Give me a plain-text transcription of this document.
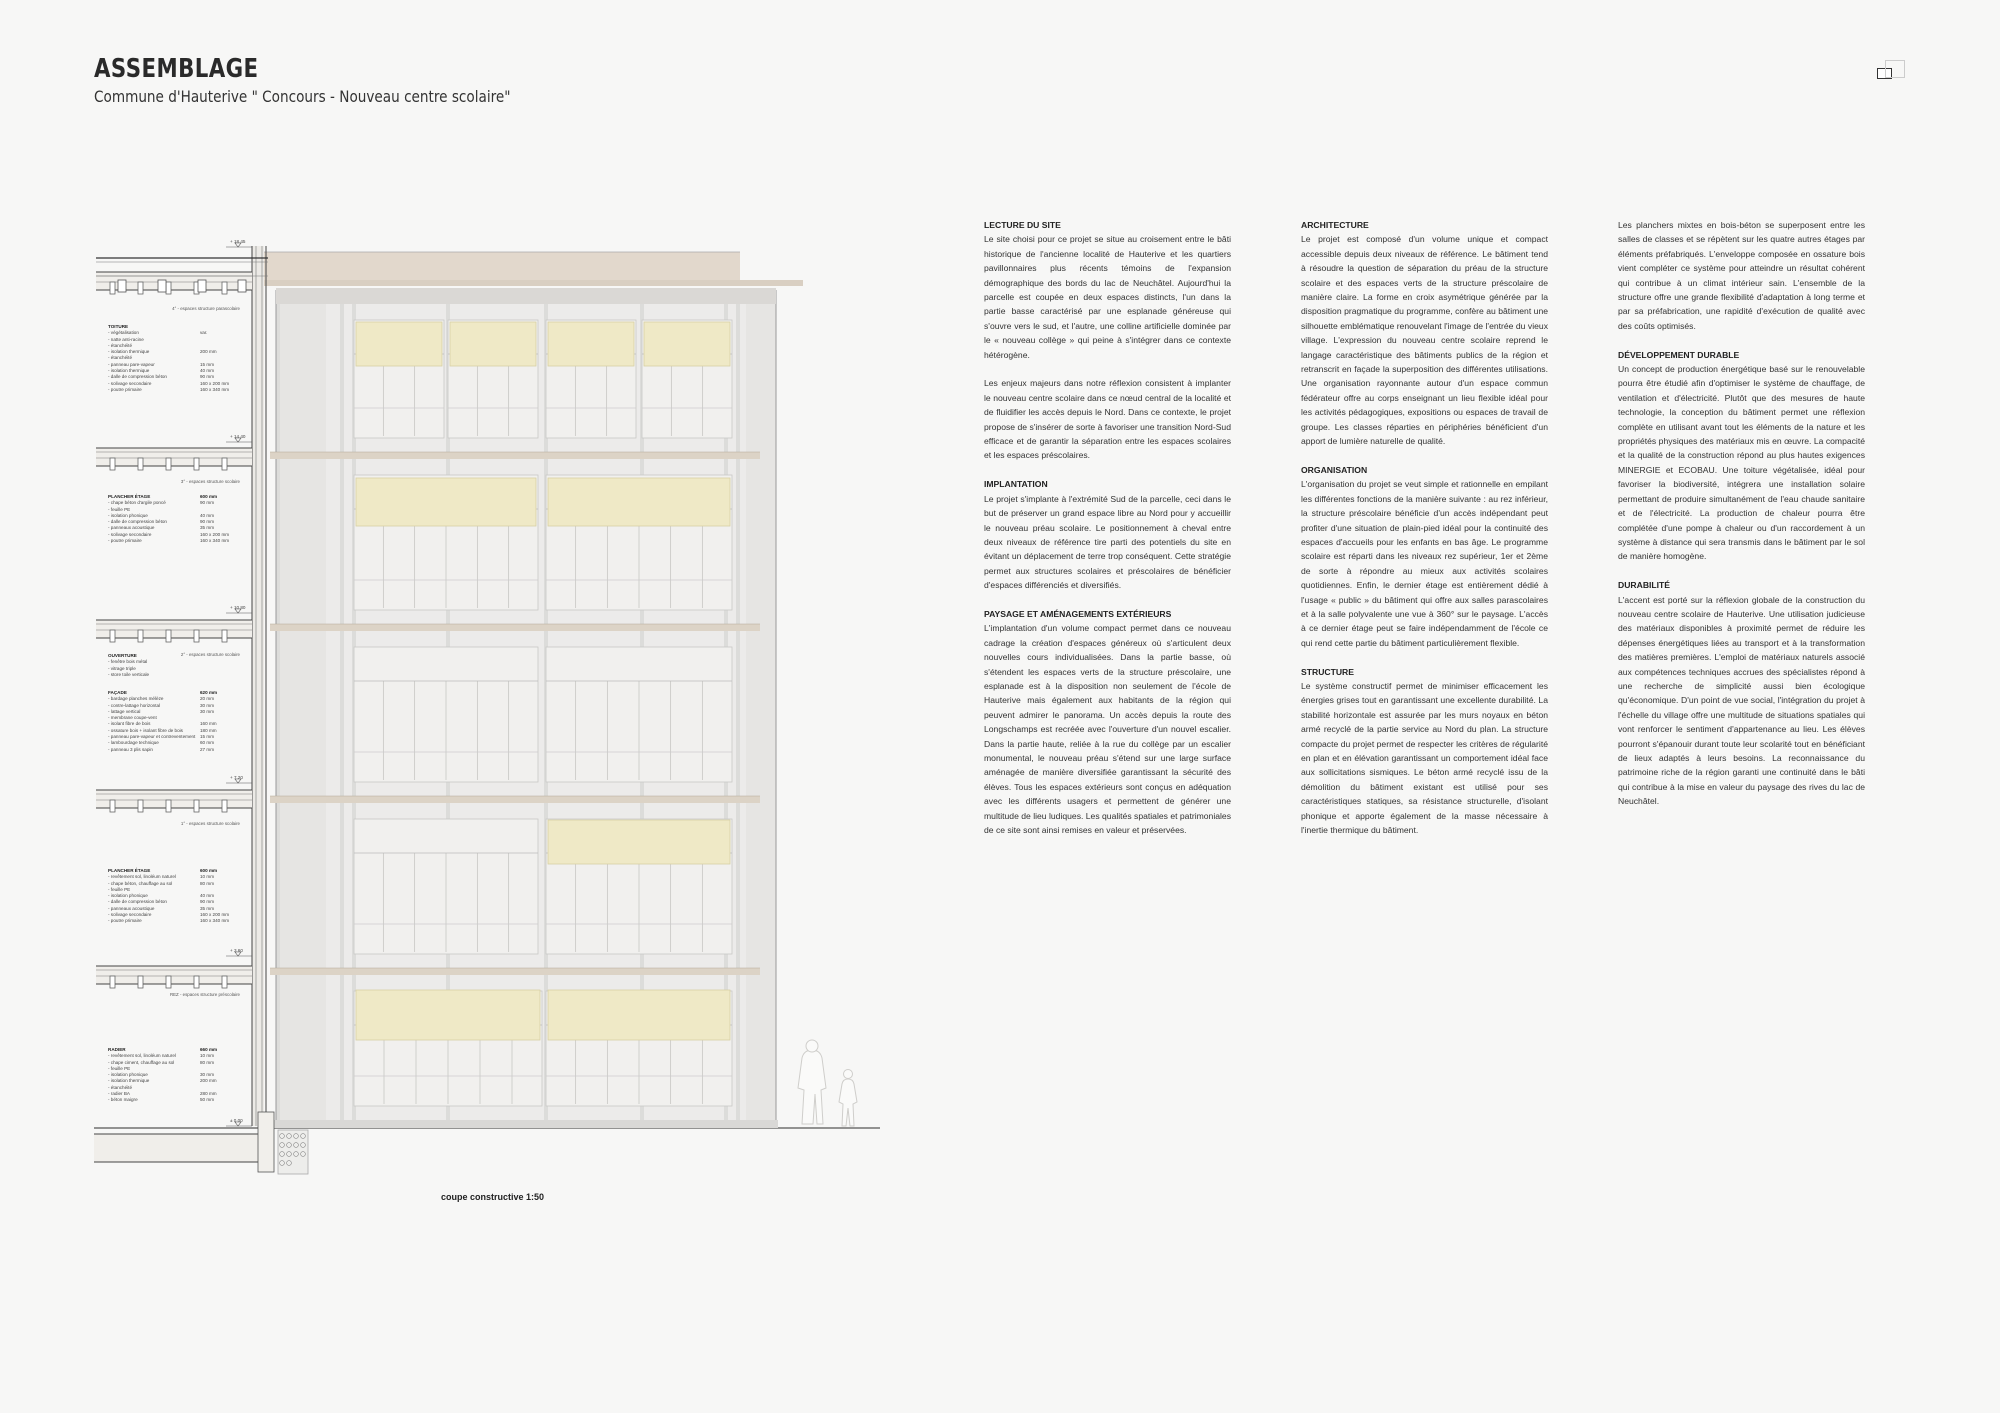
ASSEMBLAGE
Commune d'Hauterive " Concours - Nouveau centre scolaire"
+ 18.45
+ 14.40
+ 10.80
+ 7.20
+ 3.60
± 0.00
4° - espaces structure parascolaire
3° - espaces structure scolaire
2° - espaces structure scolaire
1° - espaces structure scolaire
REZ - espaces structure préscolaire
coupe constructive 1:50
LECTURE DU SITE

Le site choisi pour ce projet se situe au croisement entre le bâti historique de l'ancienne localité de Hauterive et les quartiers pavillonnaires plus récents témoins de l'expansion démographique des bords du lac de Neuchâtel. Aujourd'hui la parcelle est coupée en deux espaces distincts, l'un dans la partie basse caractérisé par une esplanade généreuse qui s'ouvre vers le sud, et l'autre, une colline artificielle dominée par le « nouveau collège » qui peine à s'intégrer dans ce contexte hétérogène.

Les enjeux majeurs dans notre réflexion consistent à implanter le nouveau centre scolaire dans ce nœud central de la localité et de fluidifier les accès depuis le Nord. Dans ce contexte, le projet propose de s'insérer de sorte à favoriser une transition Nord-Sud efficace et de garantir la séparation entre les espaces scolaires et les espaces préscolaires.

IMPLANTATION

Le projet s'implante à l'extrémité Sud de la parcelle, ceci dans le but de préserver un grand espace libre au Nord pour y accueillir le nouveau préau scolaire. Le positionnement à cheval entre deux niveaux de référence tire parti des potentiels du site en évitant un déplacement de terre trop conséquent. Cette stratégie permet aux structures scolaires et préscolaires de bénéficier d'espaces différenciés et diversifiés.

PAYSAGE ET AMÉNAGEMENTS EXTÉRIEURS

L'implantation d'un volume compact permet dans ce nouveau cadrage la création d'espaces généreux où s'articulent deux nouvelles cours individualisées. Dans la partie basse, où s'étendent les espaces verts de la structure préscolaire, une esplanade est à la disposition non seulement de l'école de Hauterive mais également aux habitants de la région qui peuvent admirer le panorama. Un accès depuis la route des Longschamps est recréée avec l'ouverture d'un nouvel escalier. Dans la partie haute, reliée à la rue du collège par un escalier monumental, le nouveau préau s'étend sur une large surface aménagée de manière diversifiée garantissant la sécurité des élèves. Tous les espaces extérieurs sont conçus en adéquation avec les différents usagers et permettent de générer une multitude de lieu ludiques. Les qualités spatiales et patrimoniales de ce site sont ainsi remises en valeur et préservées.

ARCHITECTURE

Le projet est composé d'un volume unique et compact accessible depuis deux niveaux de référence. Le bâtiment tend à résoudre la question de séparation du préau de la structure scolaire et des espaces verts de la structure préscolaire de manière claire. La forme en croix asymétrique générée par la disposition pragmatique du programme, confère au bâtiment une silhouette emblématique renouvelant l'image de l'entrée du vieux village. L'expression du nouveau centre scolaire reprend le langage caractéristique des bâtiments publics de la région et retranscrit en façade la superposition des différentes utilisations. Une organisation rayonnante autour d'un espace commun fédérateur offre au corps enseignant un lieu flexible idéal pour les activités pédagogiques, expositions ou espaces de travail de groupe. Les classes réparties en périphéries bénéficient d'un apport de lumière naturelle de qualité.

ORGANISATION

L'organisation du projet se veut simple et rationnelle en empilant les différentes fonctions de la manière suivante : au rez inférieur, la structure préscolaire bénéficie d'un accès indépendant peut profiter d'une situation de plain-pied idéal pour la continuité des espaces d'accueils pour les enfants en bas âge. Le programme scolaire est réparti dans les niveaux rez supérieur, 1er et 2ème de sorte à répondre au mieux aux activités scolaires quotidiennes. Enfin, le dernier étage est entièrement dédié à l'usage « public » du bâtiment qui offre aux salles parascolaires et à la salle polyvalente une vue à 360° sur le paysage. L'accès à ce dernier étage peut se faire indépendamment de l'école ce qui rend cette partie du bâtiment particulièrement flexible.

STRUCTURE

Le système constructif permet de minimiser efficacement les énergies grises tout en garantissant une excellente durabilité. La stabilité horizontale est assurée par les murs noyaux en béton armé recyclé de la partie service au Nord du plan. La structure compacte du projet permet de respecter les critères de régularité en plan et en élévation garantissant un comportement idéal face aux sollicitations sismiques. Le béton armé recyclé issu de la démolition du bâtiment existant est utilisé pour ses caractéristiques statiques, sa résistance structurelle, d'isolant phonique et apporte également de la masse nécessaire à l'inertie thermique du bâtiment.

Les planchers mixtes en bois-béton se superposent entre les salles de classes et se répètent sur les quatre autres étages par éléments préfabriqués. L'enveloppe composée en ossature bois vient compléter ce système pour atteindre un résultat cohérent qui contribue à un climat intérieur sain. L'ensemble de la structure offre une grande flexibilité d'adaptation à long terme et par sa préfabrication, une rapidité d'exécution de qualité avec des coûts optimisés.

DÉVELOPPEMENT DURABLE

Un concept de production énergétique basé sur le renouvelable pourra être étudié afin d'optimiser le système de chauffage, de ventilation et d'électricité. Plutôt que des mesures de haute technologie, la conception du bâtiment permet une réflexion complète en utilisant avant tout les éléments de la nature et les propriétés physiques des matériaux mis en œuvre. La compacité et la qualité de la construction répond au plus hautes exigences MINERGIE et ECOBAU. Une toiture végétalisée, idéal pour favoriser la biodiversité, intégrera une installation solaire permettant de produire simultanément de l'eau chaude sanitaire et de l'électricité. La production de chaleur pourra être complétée d'une pompe à chaleur ou d'un raccordement à un système à distance qui sera transmis dans le bâtiment par le sol de manière homogène.

DURABILITÉ

L'accent est porté sur la réflexion globale de la construction du nouveau centre scolaire de Hauterive. Une utilisation judicieuse des matériaux disponibles à proximité permet de réduire les dépenses énergétiques liées au transport et à la transformation des matières premières. L'emploi de matériaux naturels associé aux compétences techniques accrues des spécialistes répond à une recherche de simplicité aussi bien écologique qu'économique. D'un point de vue social, l'intégration du projet à l'échelle du village offre une multitude de situations spatiales qui vont renforcer le sentiment d'appartenance au lieu. Les élèves pourront s'épanouir durant toute leur scolarité tout en bénéficiant de lieux adaptés à leurs besoins. La reconnaissance du patrimoine riche de la région garanti une continuité dans le bâti qui contribue à la mise en valeur du paysage des rives du lac de Neuchâtel.

TOITURE
- végétalisation	var.
- natte anti-racine
- étanchéité
- isolation thermique	200 mm
- étanchéité
- panneau pare-vapeur	15 mm
- isolation thermique	40 mm
- dalle de compression béton	90 mm
- solivage secondaire	160 x 200 mm
- poutre primaire	160 x 340 mm
PLANCHER ÉTAGE	600 mm
- chape béton d'argile poncé	90 mm
- feuille PE
- isolation phonique	40 mm
- dalle de compression béton	90 mm
- panneaux acoustique	35 mm
- solivage secondaire	160 x 200 mm
- poutre primaire	160 x 340 mm
OUVERTURE
- fenêtre bois métal
- vitrage triple
- store toile verticale
FAÇADE	620 mm
- bardage planches mélèze	20 mm
- contre-lattage horizontal	30 mm
- lattage vertical	30 mm
- membrane coupe-vent
- isolant fibre de bois	160 mm
- ossature bois + isolant fibre de bois	180 mm
- panneau pare-vapeur et contreventement 15 mm
- lambourdage technique	60 mm
- panneau 3 plis sapin	27 mm
PLANCHER ÉTAGE	600 mm
- revêtement sol, linoléum naturel	10 mm
- chape béton, chauffage au sol	80 mm
- feuille PE
- isolation phonique	40 mm
- dalle de compression béton	90 mm
- panneaux acoustique	35 mm
- solivage secondaire	160 x 200 mm
- poutre primaire	160 x 340 mm
RADIER	660 mm
- revêtement sol, linoléum naturel	10 mm
- chape ciment, chauffage au sol	80 mm
- feuille PE
- isolation phonique	30 mm
- isolation thermique	200 mm
- étanchéité
- radier BA	280 mm
- béton maigre	50 mm
